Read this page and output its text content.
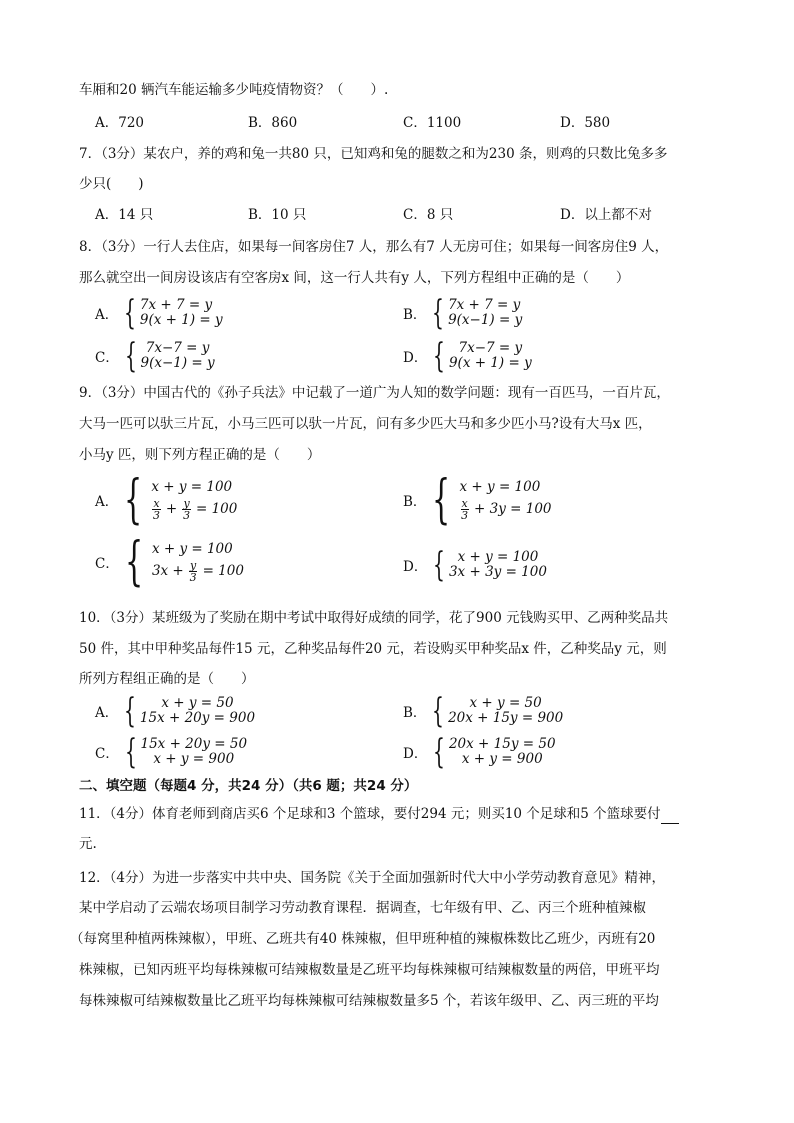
车厢和20 辆汽车能运输多少吨疫情物资？（　　）.
A．720	B．860	C．1100	D．580
7．（3分）某农户，养的鸡和兔一共80 只，已知鸡和兔的腿数之和为230 条，则鸡的只数比兔多多
少只(　　)
A．14 只	B．10 只	C．8 只	D．以上都不对
8．（3分）一行人去住店，如果每一间客房住7 人，那么有7 人无房可住；如果每一间客房住9 人，
那么就空出一间房设该店有空客房x 间，这一行人共有y 人，下列方程组中正确的是（　　）
A． { 7x + 7 = y
9(x + 1) = y	B． { 7x + 7 = y
9(x−1) = y
C． { 7x−7 = y
9(x−1) = y	D． { 7x−7 = y
9(x + 1) = y
9．（3分）中国古代的《孙子兵法》中记载了一道广为人知的数学问题：现有一百匹马，一百片瓦，
大马一匹可以驮三片瓦，小马三匹可以驮一片瓦，问有多少匹大马和多少匹小马?设有大马x 匹，
小马y 匹，则下列方程正确的是（　　）
A． { x + y = 100
$\frac{x}{3} + \frac{y}{3} = 100$	B． { x + y = 100
$\frac{x}{3} + 3y = 100$
C． { x + y = 100
$3x + \frac{y}{3} = 100$	D． { x + y = 100
3x + 3y = 100
10．（3分）某班级为了奖励在期中考试中取得好成绩的同学，花了900 元钱购买甲、乙两种奖品共
50 件，其中甲种奖品每件15 元，乙种奖品每件20 元，若设购买甲种奖品x 件，乙种奖品y 元，则
所列方程组正确的是（　　）
A． {	x + y = 50
15x + 20y = 900	B． {	x + y = 50
20x + 15y = 900
C． { 15x + 20y = 50
x + y = 900	D． { 20x + 15y = 50
x + y = 900
二、填空题（每题4 分，共24 分）（共6 题；共24 分）
11．（4分）体育老师到商店买6 个足球和3 个篮球，要付294 元；则买10 个足球和5 个篮球要付
元.
12．（4分）为进一步落实中共中央、国务院《关于全面加强新时代大中小学劳动教育意见》精神，
某中学启动了云端农场项目制学习劳动教育课程．据调查，七年级有甲、乙、丙三个班种植辣椒
（每窝里种植两株辣椒），甲班、乙班共有40 株辣椒，但甲班种植的辣椒株数比乙班少，丙班有20
株辣椒，已知丙班平均每株辣椒可结辣椒数量是乙班平均每株辣椒可结辣椒数量的两倍，甲班平均
每株辣椒可结辣椒数量比乙班平均每株辣椒可结辣椒数量多5 个，若该年级甲、乙、丙三班的平均
